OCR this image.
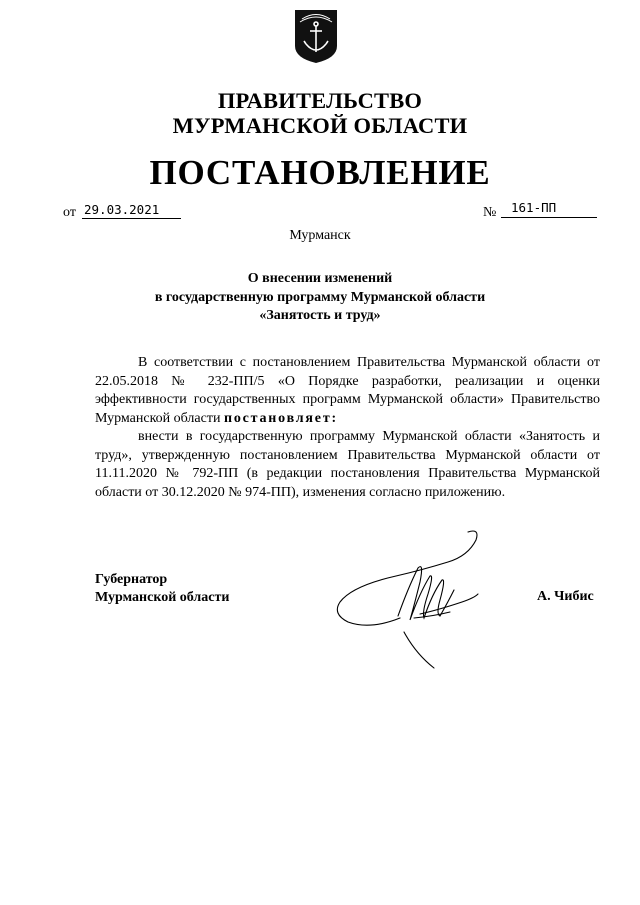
ПРАВИТЕЛЬСТВО
МУРМАНСКОЙ ОБЛАСТИ
ПОСТАНОВЛЕНИЕ
от 29.03.2021	№	161-ПП
Мурманск
О внесении изменений
в государственную программу Мурманской области
«Занятость и труд»

В соответствии с постановлением Правительства Мурманской области от 22.05.2018 № 232-ПП/5 «О Порядке разработки, реализации и оценки эффективности государственных программ Мурманской области» Правительство Мурманской области постановляет:

внести в государственную программу Мурманской области «Занятость и труд», утвержденную постановлением Правительства Мурманской области от 11.11.2020 № 792-ПП (в редакции постановления Правительства Мурманской области от 30.12.2020 № 974-ПП), изменения согласно приложению.

Губернатор
Мурманской области	А. Чибис
